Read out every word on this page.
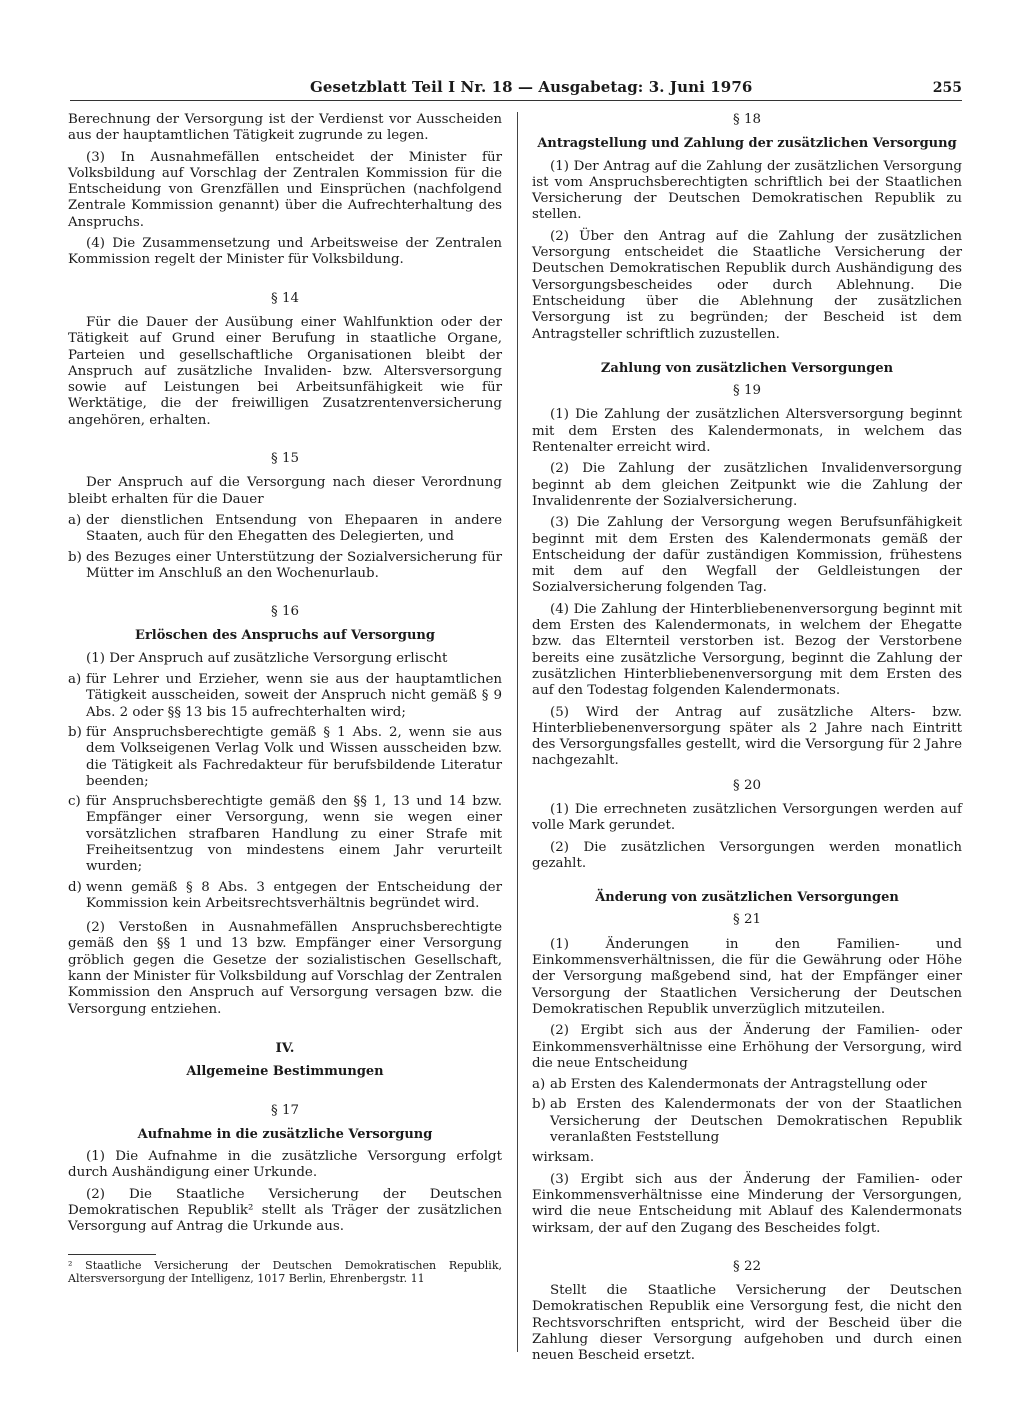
Gesetzblatt Teil I Nr. 18 — Ausgabetag: 3. Juni 1976	255

Berechnung der Versorgung ist der Verdienst vor Ausscheiden aus der hauptamtlichen Tätigkeit zugrunde zu legen.

(3) In Ausnahmefällen entscheidet der Minister für Volksbildung auf Vorschlag der Zentralen Kommission für die Entscheidung von Grenzfällen und Einsprüchen (nachfolgend Zentrale Kommission genannt) über die Aufrechterhaltung des Anspruchs.

(4) Die Zusammensetzung und Arbeitsweise der Zentralen Kommission regelt der Minister für Volksbildung.

§ 14

Für die Dauer der Ausübung einer Wahlfunktion oder der Tätigkeit auf Grund einer Berufung in staatliche Organe, Parteien und gesellschaftliche Organisationen bleibt der Anspruch auf zusätzliche Invaliden- bzw. Altersversorgung sowie auf Leistungen bei Arbeitsunfähigkeit wie für Werktätige, die der freiwilligen Zusatzrentenversicherung angehören, erhalten.

§ 15

Der Anspruch auf die Versorgung nach dieser Verordnung bleibt erhalten für die Dauer

a) der dienstlichen Entsendung von Ehepaaren in andere Staaten, auch für den Ehegatten des Delegierten, und
b) des Bezuges einer Unterstützung der Sozialversicherung für Mütter im Anschluß an den Wochenurlaub.
§ 16
Erlöschen des Anspruchs auf Versorgung

(1) Der Anspruch auf zusätzliche Versorgung erlischt

a) für Lehrer und Erzieher, wenn sie aus der hauptamtlichen Tätigkeit ausscheiden, soweit der Anspruch nicht gemäß § 9 Abs. 2 oder §§ 13 bis 15 aufrechterhalten wird;
b) für Anspruchsberechtigte gemäß § 1 Abs. 2, wenn sie aus dem Volkseigenen Verlag Volk und Wissen ausscheiden bzw. die Tätigkeit als Fachredakteur für berufsbildende Literatur beenden;
c) für Anspruchsberechtigte gemäß den §§ 1, 13 und 14 bzw. Empfänger einer Versorgung, wenn sie wegen einer vorsätzlichen strafbaren Handlung zu einer Strafe mit Freiheitsentzug von mindestens einem Jahr verurteilt wurden;
d) wenn gemäß § 8 Abs. 3 entgegen der Entscheidung der Kommission kein Arbeitsrechtsverhältnis begründet wird.

(2) Verstoßen in Ausnahmefällen Anspruchsberechtigte gemäß den §§ 1 und 13 bzw. Empfänger einer Versorgung gröblich gegen die Gesetze der sozialistischen Gesellschaft, kann der Minister für Volksbildung auf Vorschlag der Zentralen Kommission den Anspruch auf Versorgung versagen bzw. die Versorgung entziehen.

IV.
Allgemeine Bestimmungen
§ 17
Aufnahme in die zusätzliche Versorgung

(1) Die Aufnahme in die zusätzliche Versorgung erfolgt durch Aushändigung einer Urkunde.

(2) Die Staatliche Versicherung der Deutschen Demokratischen Republik² stellt als Träger der zusätzlichen Versorgung auf Antrag die Urkunde aus.

² Staatliche Versicherung der Deutschen Demokratischen Republik, Altersversorgung der Intelligenz, 1017 Berlin, Ehrenbergstr. 11
§ 18
Antragstellung und Zahlung der zusätzlichen Versorgung

(1) Der Antrag auf die Zahlung der zusätzlichen Versorgung ist vom Anspruchsberechtigten schriftlich bei der Staatlichen Versicherung der Deutschen Demokratischen Republik zu stellen.

(2) Über den Antrag auf die Zahlung der zusätzlichen Versorgung entscheidet die Staatliche Versicherung der Deutschen Demokratischen Republik durch Aushändigung des Versorgungsbescheides oder durch Ablehnung. Die Entscheidung über die Ablehnung der zusätzlichen Versorgung ist zu begründen; der Bescheid ist dem Antragsteller schriftlich zuzustellen.

Zahlung von zusätzlichen Versorgungen
§ 19

(1) Die Zahlung der zusätzlichen Altersversorgung beginnt mit dem Ersten des Kalendermonats, in welchem das Rentenalter erreicht wird.

(2) Die Zahlung der zusätzlichen Invalidenversorgung beginnt ab dem gleichen Zeitpunkt wie die Zahlung der Invalidenrente der Sozialversicherung.

(3) Die Zahlung der Versorgung wegen Berufsunfähigkeit beginnt mit dem Ersten des Kalendermonats gemäß der Entscheidung der dafür zuständigen Kommission, frühestens mit dem auf den Wegfall der Geldleistungen der Sozialversicherung folgenden Tag.

(4) Die Zahlung der Hinterbliebenenversorgung beginnt mit dem Ersten des Kalendermonats, in welchem der Ehegatte bzw. das Elternteil verstorben ist. Bezog der Verstorbene bereits eine zusätzliche Versorgung, beginnt die Zahlung der zusätzlichen Hinterbliebenenversorgung mit dem Ersten des auf den Todestag folgenden Kalendermonats.

(5) Wird der Antrag auf zusätzliche Alters- bzw. Hinterbliebenenversorgung später als 2 Jahre nach Eintritt des Versorgungsfalles gestellt, wird die Versorgung für 2 Jahre nachgezahlt.

§ 20

(1) Die errechneten zusätzlichen Versorgungen werden auf volle Mark gerundet.

(2) Die zusätzlichen Versorgungen werden monatlich gezahlt.

Änderung von zusätzlichen Versorgungen
§ 21

(1) Änderungen in den Familien- und Einkommensverhältnissen, die für die Gewährung oder Höhe der Versorgung maßgebend sind, hat der Empfänger einer Versorgung der Staatlichen Versicherung der Deutschen Demokratischen Republik unverzüglich mitzuteilen.

(2) Ergibt sich aus der Änderung der Familien- oder Einkommensverhältnisse eine Erhöhung der Versorgung, wird die neue Entscheidung

a) ab Ersten des Kalendermonats der Antragstellung oder
b) ab Ersten des Kalendermonats der von der Staatlichen Versicherung der Deutschen Demokratischen Republik veranlaßten Feststellung

wirksam.

(3) Ergibt sich aus der Änderung der Familien- oder Einkommensverhältnisse eine Minderung der Versorgungen, wird die neue Entscheidung mit Ablauf des Kalendermonats wirksam, der auf den Zugang des Bescheides folgt.

§ 22

Stellt die Staatliche Versicherung der Deutschen Demokratischen Republik eine Versorgung fest, die nicht den Rechtsvorschriften entspricht, wird der Bescheid über die Zahlung dieser Versorgung aufgehoben und durch einen neuen Bescheid ersetzt.
